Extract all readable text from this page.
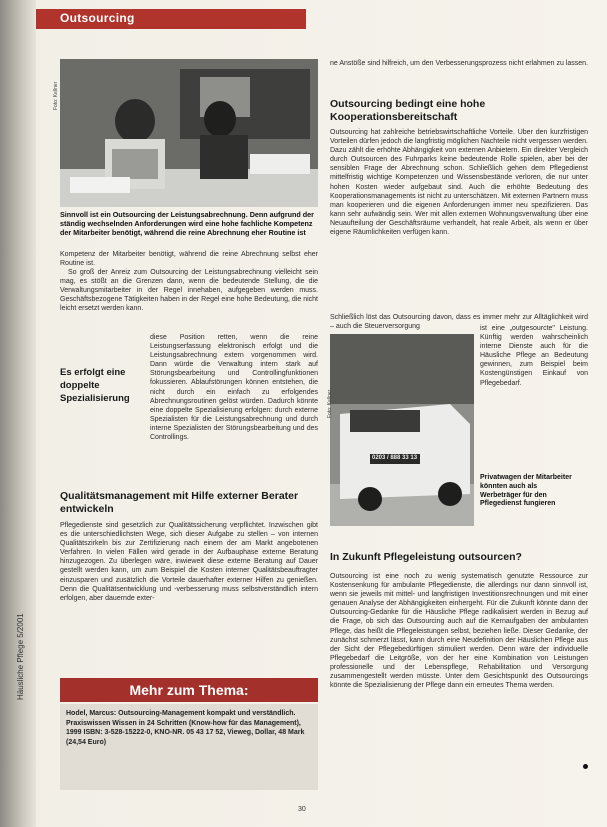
Häusliche Pflege 5/2001
Outsourcing
Foto: Kellner
Sinnvoll ist ein Outsourcing der Leistungsabrechnung. Denn aufgrund der ständig wechselnden Anforderungen wird eine hohe fachliche Kompetenz der Mitarbeiter benötigt, während die reine Abrechnung eher Routine ist
Kompetenz der Mitarbeiter benötigt, während die reine Abrechnung selbst eher Routine ist.
So groß der Anreiz zum Outsourcing der Leistungsabrechnung vielleicht sein mag, es stößt an die Grenzen dann, wenn die bedeutende Stellung, die die Verwaltungsmitarbeiter in der Regel innehaben, aufgegeben werden muss. Geschäftsbezogene Tätigkeiten haben in der Regel eine hohe Bedeutung, die nicht leicht ersetzt werden kann.
Es erfolgt eine doppelte Spezialisierung
diese Position retten, wenn die reine Leistungserfassung elektronisch erfolgt und die Leistungsabrechnung extern vorgenommen wird. Dann würde die Verwaltung intern stark auf Störungsbearbeitung und Controllingfunktionen fokussieren. Ablaufstörungen können entstehen, die nicht durch ein einfach zu erfolgendes Abrechnungsroutinen gelöst würden. Dadurch könnte eine doppelte Spezialisierung erfolgen: durch externe Spezialisten für die Leistungsabrechnung und durch interne Spezialisten der Störungsbearbeitung und des Controllings.
Qualitätsmanagement mit Hilfe externer Berater entwickeln
Pflegedienste sind gesetzlich zur Qualitätssicherung verpflichtet. Inzwischen gibt es die unterschiedlichsten Wege, sich dieser Aufgabe zu stellen – von internen Qualitätszirkeln bis zur Zertifizierung nach einem der am Markt angebotenen Verfahren. In vielen Fällen wird gerade in der Aufbauphase externe Beratung hinzugezogen. Zu überlegen wäre, inwieweit diese externe Beratung auf Dauer gestellt werden kann, um zum Beispiel die Kosten interner Qualitätsbeauftragter einzusparen und zusätzlich die Vorteile dauerhafter externer Hilfen zu genießen. Denn die Qualitätsentwicklung und -verbesserung muss selbstverständlich intern erfolgen, aber dauernde exter-
Mehr zum Thema:

Hodel, Marcus: Outsourcing-Management kompakt und verständlich. Praxiswissen Wissen in 24 Schritten (Know-how für das Management), 1999 ISBN: 3-528-15222-0, KNO-NR. 05 43 17 52, Vieweg, Dollar, 48 Mark (24,54 Euro)

ne Anstöße sind hilfreich, um den Verbesserungsprozess nicht erlahmen zu lassen.
Outsourcing bedingt eine hohe Kooperationsbereitschaft
Outsourcing hat zahlreiche betriebswirtschaftliche Vorteile. Über den kurzfristigen Vorteilen dürfen jedoch die langfristig möglichen Nachteile nicht vergessen werden. Dazu zählt die erhöhte Abhängigkeit von externen Anbietern. Ein direkter Vergleich durch Outsourcen des Fuhrparks keine bedeutende Rolle spielen, aber bei der sensiblen Frage der Abrechnung schon. Schließlich gehen dem Pflegedienst mittelfristig wichtige Kompetenzen und Wissensbestände verloren, die nur unter hohen Kosten wieder aufgebaut sind. Auch die erhöhte Bedeutung des Kooperationsmanagements ist nicht zu unterschätzen. Mit externen Partnern muss man kooperieren und die eigenen Anforderungen immer neu spezifizieren. Das kann sehr aufwändig sein. Wer mit allen externen Wohnungsverwaltung über eine Neuaufteilung der Geschäftsräume verhandelt, hat reale Arbeit, als wenn er über eigene Räumlichkeiten verfügen kann.
Schließlich löst das Outsourcing davon, dass es immer mehr zur Alltäglichkeit wird – auch die Steuerversorgung
0203 / 888 33 13
Foto: Kellner
ist eine „outgesourcte" Leistung. Künftig werden wahrscheinlich interne Dienste auch für die Häusliche Pflege an Bedeutung gewinnen, zum Beispiel beim Kostengünstigen Einkauf von Pflegebedarf.
Privatwagen der Mitarbeiter könnten auch als Werbeträger für den Pflegedienst fungieren
In Zukunft Pflegeleistung outsourcen?
Outsourcing ist eine noch zu wenig systematisch genutzte Ressource zur Kostensenkung für ambulante Pflegedienste, die allerdings nur dann sinnvoll ist, wenn sie jeweils mit mittel- und langfristigen Investitionsrechnungen und mit einer genauen Analyse der Abhängigkeiten einhergeht. Für die Zukunft könnte dann der Outsourcing-Gedanke für die Häusliche Pflege radikalisiert werden in Bezug auf die Frage, ob sich das Outsourcing auch auf die Kernaufgaben der ambulanten Pflege, das heißt die Pflegeleistungen selbst, beziehen ließe. Dieser Gedanke, der zunächst schmerzt lässt, kann durch eine Neudefinition der Häuslichen Pflege aus der Sicht der Pflegebedürftigen stimuliert werden. Denn wäre der individuelle Pflegebedarf die Leitgröße, von der her eine Kombination von Leistungen professionelle und der Lebenspflege, Rehabilitation und Versorgung zusammengestellt werden müsste. Unter dem Gesichtspunkt des Outsourcings könnte die Spezialisierung der Pflege dann ein erneutes Thema werden.
30
